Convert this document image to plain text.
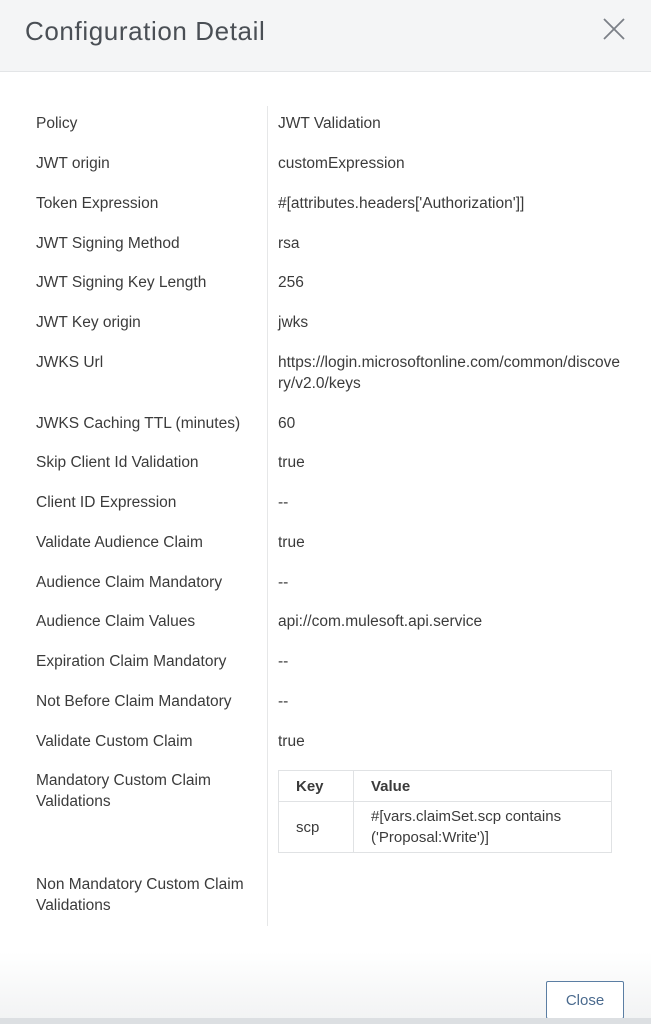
Configuration Detail
Policy	JWT Validation
JWT origin	customExpression
Token Expression	#[attributes.headers['Authorization']]
JWT Signing Method	rsa
JWT Signing Key Length	256
JWT Key origin	jwks
JWKS Url	https://login.microsoftonline.com/common/discovery/v2.0/keys
JWKS Caching TTL (minutes)	60
Skip Client Id Validation	true
Client ID Expression	--
Validate Audience Claim	true
Audience Claim Mandatory	--
Audience Claim Values	api://com.mulesoft.api.service
Expiration Claim Mandatory	--
Not Before Claim Mandatory	--
Validate Custom Claim	true
Mandatory Custom Claim Validations
Key	Value
scp	#[vars.claimSet.scp contains ('Proposal:Write')]
Non Mandatory Custom Claim Validations
Close
